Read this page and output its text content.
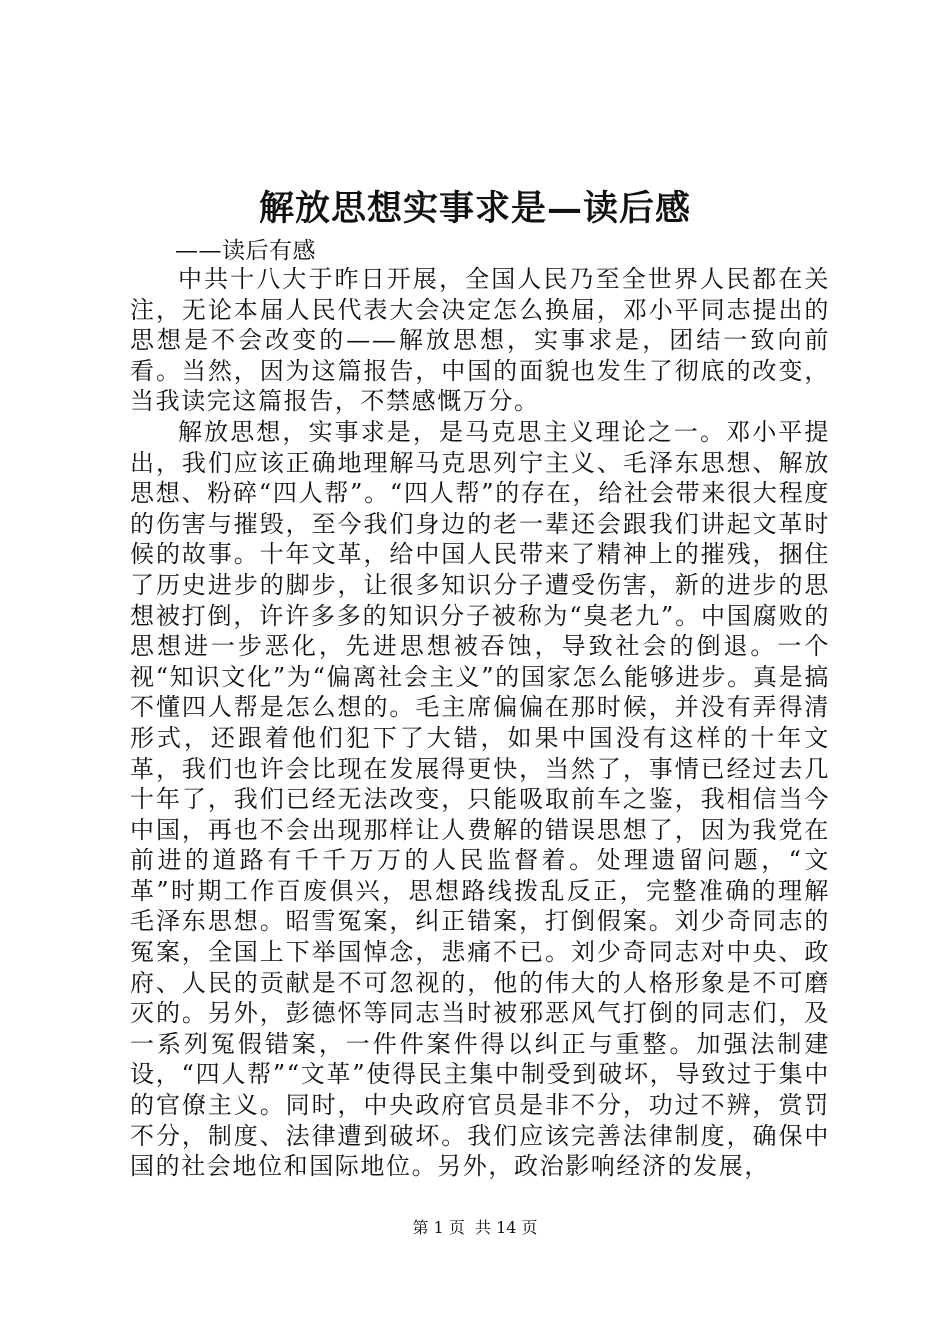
解放思想实事求是—读后感
——读后有感

中共十八大于昨日开展，全国人民乃至全世界人民都在关注，无论本届人民代表大会决定怎么换届，邓小平同志提出的思想是不会改变的——解放思想，实事求是，团结一致向前看。当然，因为这篇报告，中国的面貌也发生了彻底的改变，当我读完这篇报告，不禁感慨万分。

解放思想，实事求是，是马克思主义理论之一。邓小平提出，我们应该正确地理解马克思列宁主义、毛泽东思想、解放思想、粉碎“四人帮”。“四人帮”的存在，给社会带来很大程度的伤害与摧毁，至今我们身边的老一辈还会跟我们讲起文革时候的故事。十年文革，给中国人民带来了精神上的摧残，捆住了历史进步的脚步，让很多知识分子遭受伤害，新的进步的思想被打倒，许许多多的知识分子被称为“臭老九”。中国腐败的思想进一步恶化，先进思想被吞蚀，导致社会的倒退。一个视“知识文化”为“偏离社会主义”的国家怎么能够进步。真是搞不懂四人帮是怎么想的。毛主席偏偏在那时候，并没有弄得清形式，还跟着他们犯下了大错，如果中国没有这样的十年文革，我们也许会比现在发展得更快，当然了，事情已经过去几十年了，我们已经无法改变，只能吸取前车之鉴，我相信当今中国，再也不会出现那样让人费解的错误思想了，因为我党在前进的道路有千千万万的人民监督着。处理遗留问题，“文革”时期工作百废俱兴，思想路线拨乱反正，完整准确的理解毛泽东思想。昭雪冤案，纠正错案，打倒假案。刘少奇同志的冤案，全国上下举国悼念，悲痛不已。刘少奇同志对中央、政府、人民的贡献是不可忽视的，他的伟大的人格形象是不可磨灭的。另外，彭德怀等同志当时被邪恶风气打倒的同志们，及一系列冤假错案，一件件案件得以纠正与重整。加强法制建设，“四人帮”“文革”使得民主集中制受到破坏，导致过于集中的官僚主义。同时，中央政府官员是非不分，功过不辨，赏罚不分，制度、法律遭到破坏。我们应该完善法律制度，确保中国的社会地位和国际地位。另外，政治影响经济的发展，

第 1 页  共 14 页
